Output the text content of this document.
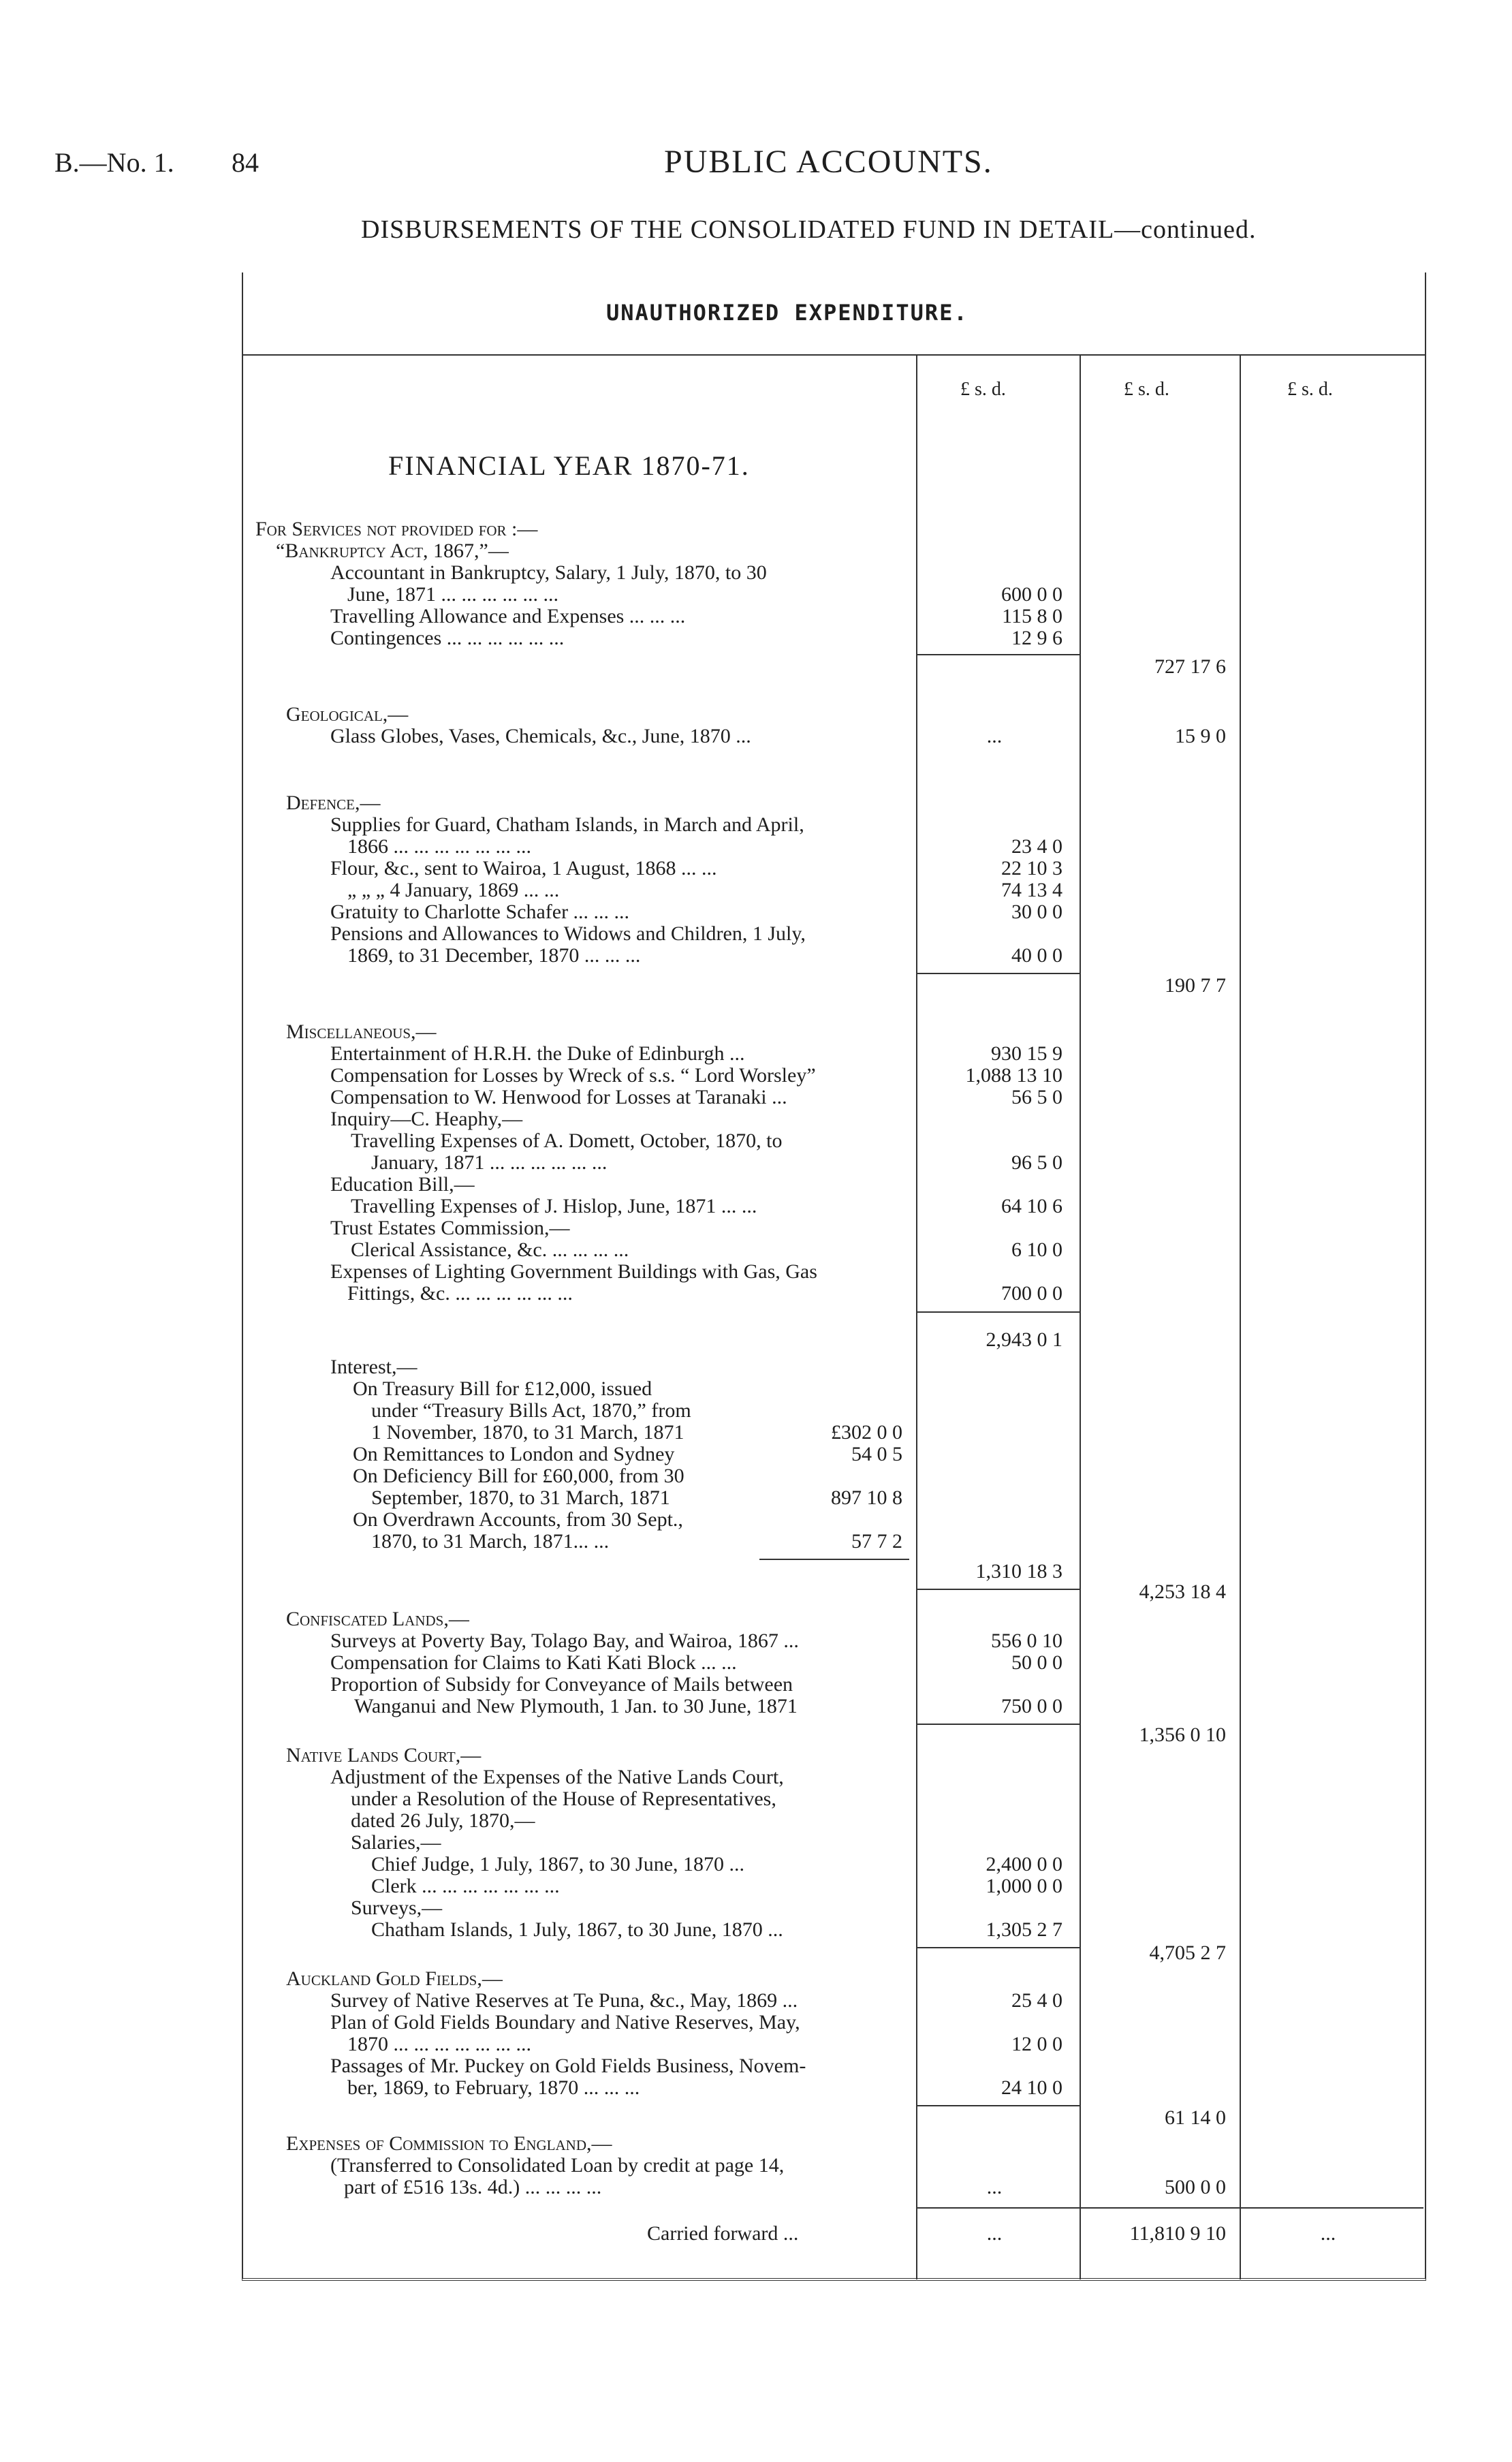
B.—No. 1. 84	PUBLIC ACCOUNTS.
DISBURSEMENTS OF THE CONSOLIDATED FUND IN DETAIL—continued.
UNAUTHORIZED EXPENDITURE.
£ s. d.	£ s. d.	£ s. d.
FINANCIAL YEAR 1870-71.
For Services not provided for :—
“Bankruptcy Act, 1867,”—
Accountant in Bankruptcy, Salary, 1 July, 1870, to 30
June, 1871 ... ... ... ... ... ...	600 0 0
Travelling Allowance and Expenses ... ... ...	115 8 0
Contingences ... ... ... ... ... ...	12 9 6
727 17 6
Geological,—
Glass Globes, Vases, Chemicals, &c., June, 1870 ...	...	15 9 0
Defence,—
Supplies for Guard, Chatham Islands, in March and April,
1866 ... ... ... ... ... ... ...	23 4 0
Flour, &c., sent to Wairoa, 1 August, 1868 ... ...	22 10 3
„ „ „ 4 January, 1869 ... ...	74 13 4
Gratuity to Charlotte Schafer ... ... ...	30 0 0
Pensions and Allowances to Widows and Children, 1 July,
1869, to 31 December, 1870 ... ... ...	40 0 0
190 7 7
Miscellaneous,—
Entertainment of H.R.H. the Duke of Edinburgh ...	930 15 9
Compensation for Losses by Wreck of s.s. “ Lord Worsley”	1,088 13 10
Compensation to W. Henwood for Losses at Taranaki ...	56 5 0
Inquiry—C. Heaphy,—
Travelling Expenses of A. Domett, October, 1870, to
January, 1871 ... ... ... ... ... ...	96 5 0
Education Bill,—
Travelling Expenses of J. Hislop, June, 1871 ... ...	64 10 6
Trust Estates Commission,—
Clerical Assistance, &c. ... ... ... ...	6 10 0
Expenses of Lighting Government Buildings with Gas, Gas
Fittings, &c. ... ... ... ... ... ...	700 0 0
2,943 0 1
Interest,—
On Treasury Bill for £12,000, issued
under “Treasury Bills Act, 1870,” from
1 November, 1870, to 31 March, 1871	£302 0 0
On Remittances to London and Sydney	54 0 5
On Deficiency Bill for £60,000, from 30
September, 1870, to 31 March, 1871	897 10 8
On Overdrawn Accounts, from 30 Sept.,
1870, to 31 March, 1871... ...	57 7 2
1,310 18 3
4,253 18 4
Confiscated Lands,—
Surveys at Poverty Bay, Tolago Bay, and Wairoa, 1867 ...	556 0 10
Compensation for Claims to Kati Kati Block ... ...	50 0 0
Proportion of Subsidy for Conveyance of Mails between
Wanganui and New Plymouth, 1 Jan. to 30 June, 1871	750 0 0
1,356 0 10
Native Lands Court,—
Adjustment of the Expenses of the Native Lands Court,
under a Resolution of the House of Representatives,
dated 26 July, 1870,—
Salaries,—
Chief Judge, 1 July, 1867, to 30 June, 1870 ...	2,400 0 0
Clerk ... ... ... ... ... ... ...	1,000 0 0
Surveys,—
Chatham Islands, 1 July, 1867, to 30 June, 1870 ...	1,305 2 7
4,705 2 7
Auckland Gold Fields,—
Survey of Native Reserves at Te Puna, &c., May, 1869 ...	25 4 0
Plan of Gold Fields Boundary and Native Reserves, May,
1870 ... ... ... ... ... ... ...	12 0 0
Passages of Mr. Puckey on Gold Fields Business, Novem-
ber, 1869, to February, 1870 ... ... ...	24 10 0
61 14 0
Expenses of Commission to England,—
(Transferred to Consolidated Loan by credit at page 14,
part of £516 13s. 4d.) ... ... ... ...	...	500 0 0
Carried forward ...	...	11,810 9 10	...
